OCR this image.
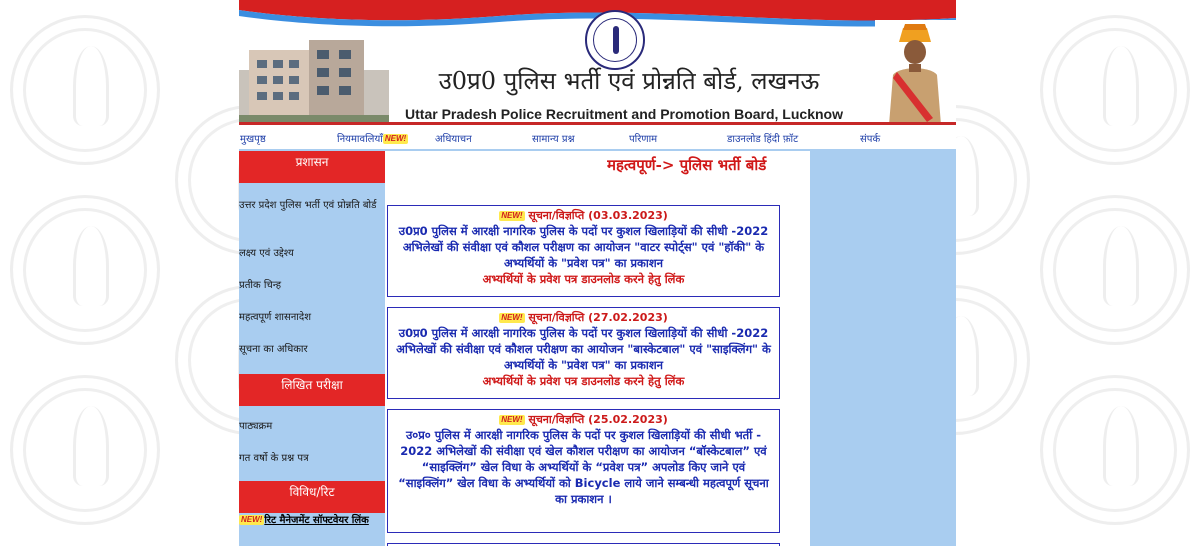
उ0प्र0 पुलिस भर्ती एवं प्रोन्नति बोर्ड, लखनऊ
Uttar Pradesh Police Recruitment and Promotion Board, Lucknow
मुखपृष्ठ	नियमावलियाँ NEW!	अधियाचन	सामान्य प्रश्न	परिणाम	डाउनलोड हिंदी फ़ॉट	संपर्क
प्रशासन
उत्तर प्रदेश पुलिस भर्ती एवं प्रोन्नति बोर्ड
लक्ष्य एवं उद्देश्य
प्रतीक चिन्ह
महत्वपूर्ण शासनादेश
सूचना का अधिकार
लिखित परीक्षा
पाठ्यक्रम
गत वर्षो के प्रश्न पत्र
विविध/रिट
NEW! रिट मैनेजमेंट सॉफ्टवेयर लिंक
महत्वपूर्ण-> पुलिस भर्ती बोर्ड
NEW! सूचना/विज्ञप्ति (03.03.2023)
उ0प्र0 पुलिस में आरक्षी नागरिक पुलिस के पदों पर कुशल खिलाड़ियों की सीधी -2022 अभिलेखों की संवीक्षा एवं कौशल परीक्षण का आयोजन "वाटर स्पोर्ट्स" एवं "हॉकी" के अभ्यर्थियों के "प्रवेश पत्र" का प्रकाशन
अभ्यर्थियों के प्रवेश पत्र डाउनलोड करने हेतु लिंक
NEW! सूचना/विज्ञप्ति (27.02.2023)
उ0प्र0 पुलिस में आरक्षी नागरिक पुलिस के पदों पर कुशल खिलाड़ियों की सीधी -2022 अभिलेखों की संवीक्षा एवं कौशल परीक्षण का आयोजन "बास्केटबाल" एवं "साइक्लिंग" के अभ्यर्थियों के "प्रवेश पत्र" का प्रकाशन
अभ्यर्थियों के प्रवेश पत्र डाउनलोड करने हेतु लिंक
NEW! सूचना/विज्ञप्ति (25.02.2023)
उ०प्र० पुलिस में आरक्षी नागरिक पुलिस के पदों पर कुशल खिलाड़ियों की सीधी भर्ती - 2022 अभिलेखों की संवीक्षा एवं खेल कौशल परीक्षण का आयोजन “बॉस्केटबाल” एवं “साइक्लिंग” खेल विधा के अभ्यर्थियों के “प्रवेश पत्र” अपलोड किए जाने एवं “साइक्लिंग” खेल विधा के अभ्यर्थियों को Bicycle लाये जाने सम्बन्धी महत्वपूर्ण सूचना का प्रकाशन ।
